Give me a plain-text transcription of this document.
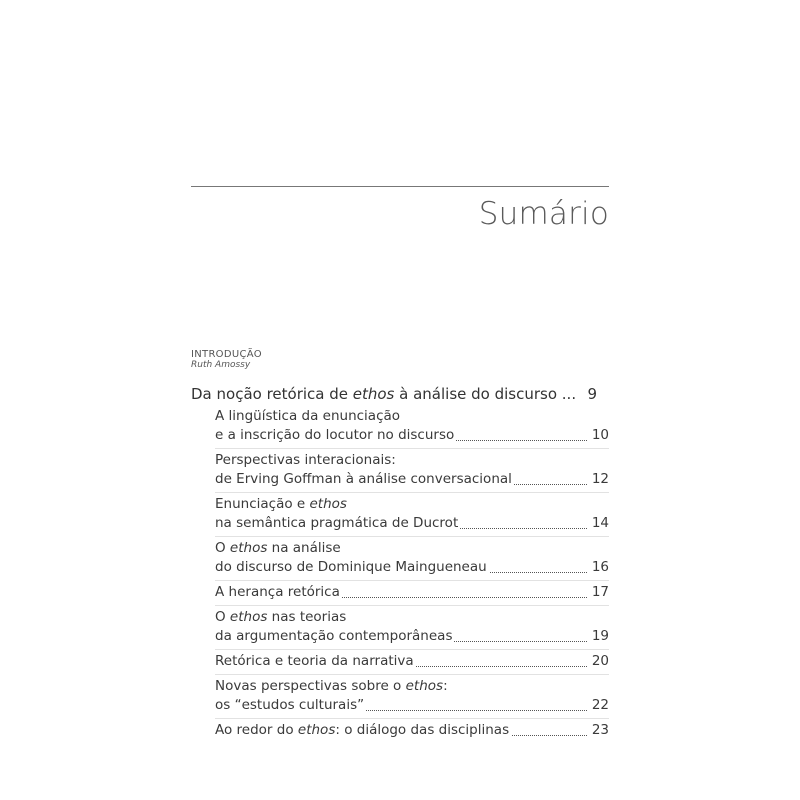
Sumário
INTRODUÇÃO
Ruth Amossy
Da noção retórica de ethos à análise do discurso ... 9
A lingüística da enunciação
e a inscrição do locutor no discurso	10
Perspectivas interacionais:
de Erving Goffman à análise conversacional	12
Enunciação e ethos
na semântica pragmática de Ducrot	14
O ethos na análise
do discurso de Dominique Maingueneau	16
A herança retórica	17
O ethos nas teorias
da argumentação contemporâneas	19
Retórica e teoria da narrativa	20
Novas perspectivas sobre o ethos:
os “estudos culturais”	22
Ao redor do ethos: o diálogo das disciplinas	23
